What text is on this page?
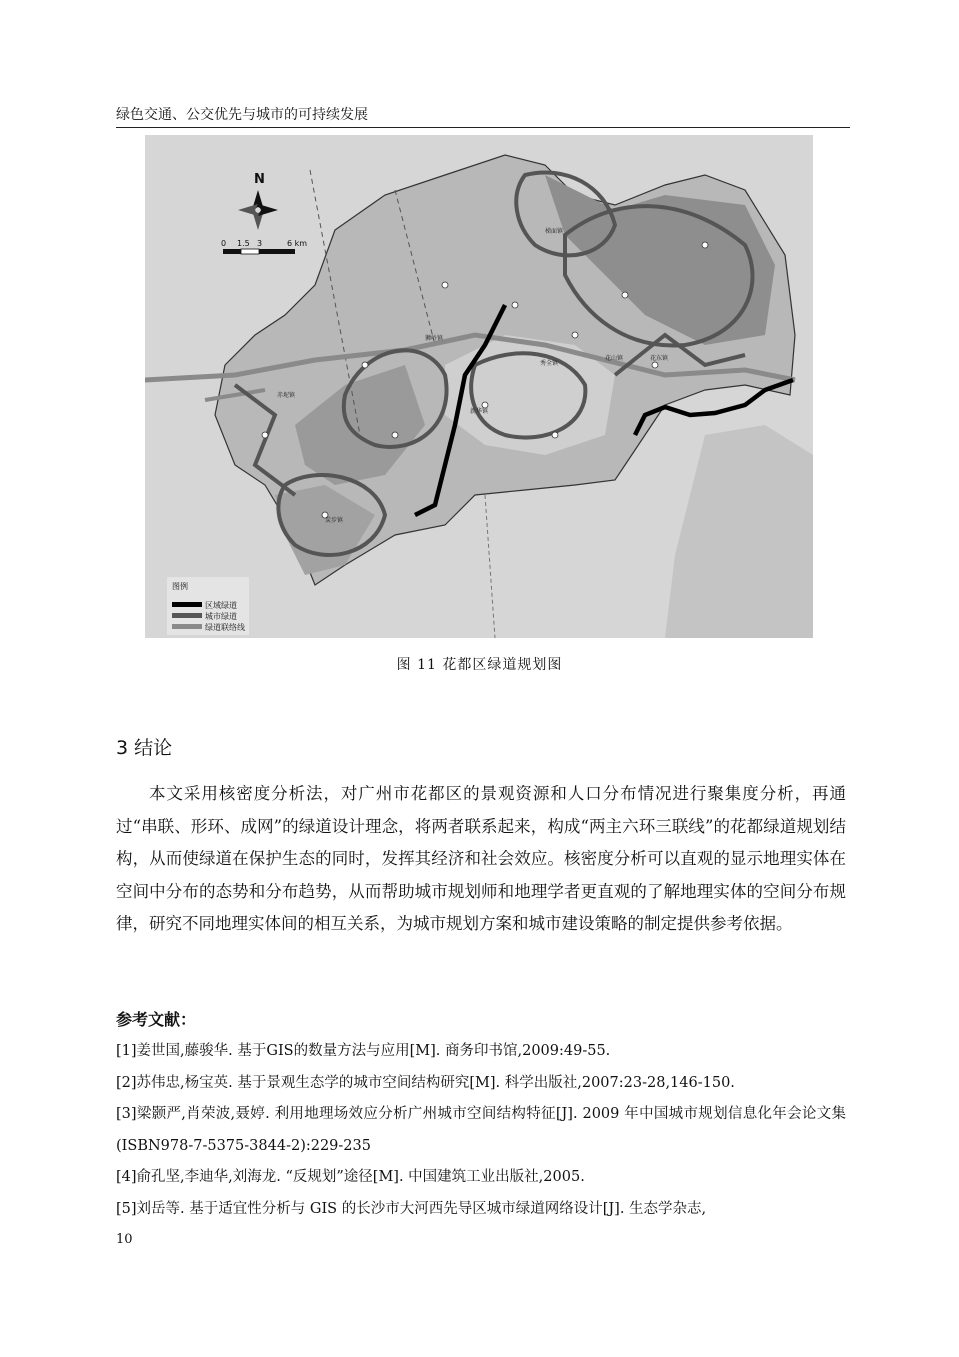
绿色交通、公交优先与城市的可持续发展
赤坭镇
炭步镇
新华镇
花山镇	花东镇
狮岭镇
梯面镇
秀全镇
N
0 1.5 3	6 km
图例
区域绿道
城市绿道
绿道联络线
图 11 花都区绿道规划图
3 结论

本文采用核密度分析法，对广州市花都区的景观资源和人口分布情况进行聚集度分析，再通过“串联、形环、成网”的绿道设计理念，将两者联系起来，构成“两主六环三联线”的花都绿道规划结构，从而使绿道在保护生态的同时，发挥其经济和社会效应。核密度分析可以直观的显示地理实体在空间中分布的态势和分布趋势，从而帮助城市规划师和地理学者更直观的了解地理实体的空间分布规律，研究不同地理实体间的相互关系，为城市规划方案和城市建设策略的制定提供参考依据。

参考文献：
[1]姜世国,藤骏华. 基于GIS的数量方法与应用[M]. 商务印书馆,2009:49-55.
[2]苏伟忠,杨宝英. 基于景观生态学的城市空间结构研究[M]. 科学出版社,2007:23-28,146-150.
[3]梁颢严,肖荣波,聂婷. 利用地理场效应分析广州城市空间结构特征[J]. 2009 年中国城市规划信息化年会论文集(ISBN978-7-5375-3844-2):229-235
[4]俞孔坚,李迪华,刘海龙. “反规划”途径[M]. 中国建筑工业出版社,2005.
[5]刘岳等. 基于适宜性分析与 GIS 的长沙市大河西先导区城市绿道网络设计[J]. 生态学杂志,
10
